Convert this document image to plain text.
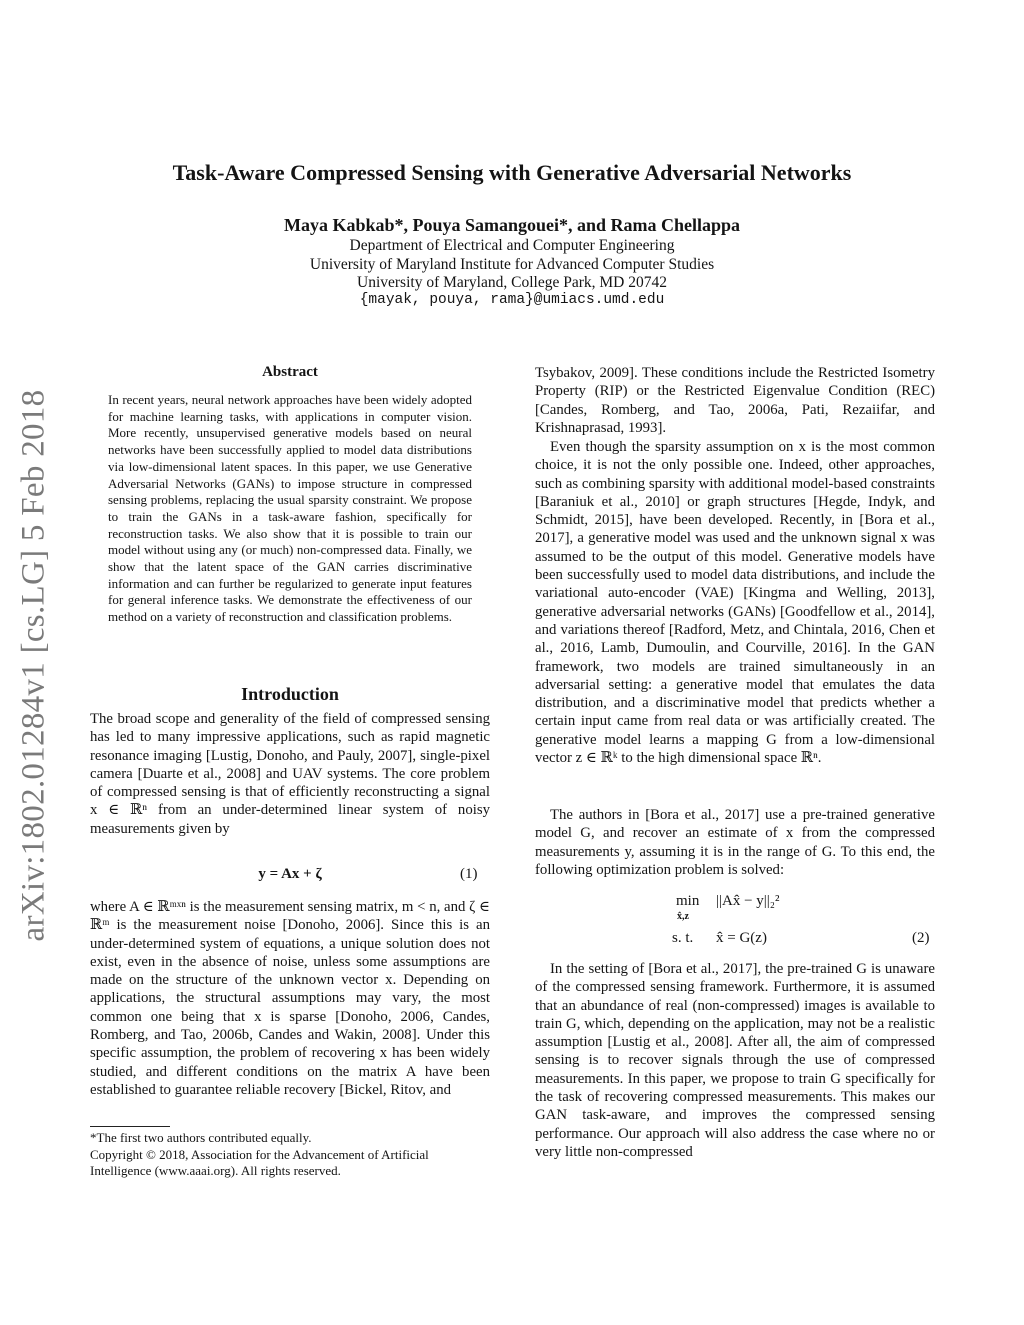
arXiv:1802.01284v1 [cs.LG] 5 Feb 2018
Task-Aware Compressed Sensing with Generative Adversarial Networks
Maya Kabkab*, Pouya Samangouei*, and Rama Chellappa
Department of Electrical and Computer Engineering
University of Maryland Institute for Advanced Computer Studies
University of Maryland, College Park, MD 20742
{mayak, pouya, rama}@umiacs.umd.edu
Abstract

In recent years, neural network approaches have been widely adopted for machine learning tasks, with applications in computer vision. More recently, unsupervised generative models based on neural networks have been successfully applied to model data distributions via low-dimensional latent spaces. In this paper, we use Generative Adversarial Networks (GANs) to impose structure in compressed sensing problems, replacing the usual sparsity constraint. We propose to train the GANs in a task-aware fashion, specifically for reconstruction tasks. We also show that it is possible to train our model without using any (or much) non-compressed data. Finally, we show that the latent space of the GAN carries discriminative information and can further be regularized to generate input features for general inference tasks. We demonstrate the effectiveness of our method on a variety of reconstruction and classification problems.

Introduction

The broad scope and generality of the field of compressed sensing has led to many impressive applications, such as rapid magnetic resonance imaging [Lustig, Donoho, and Pauly, 2007], single-pixel camera [Duarte et al., 2008] and UAV systems. The core problem of compressed sensing is that of efficiently reconstructing a signal x ∈ ℝⁿ from an under-determined linear system of noisy measurements given by

y = Ax + ζ	(1)

where A ∈ ℝᵐˣⁿ is the measurement sensing matrix, m < n, and ζ ∈ ℝᵐ is the measurement noise [Donoho, 2006]. Since this is an under-determined system of equations, a unique solution does not exist, even in the absence of noise, unless some assumptions are made on the structure of the unknown vector x. Depending on applications, the structural assumptions may vary, the most common one being that x is sparse [Donoho, 2006, Candes, Romberg, and Tao, 2006b, Candes and Wakin, 2008]. Under this specific assumption, the problem of recovering x has been widely studied, and different conditions on the matrix A have been established to guarantee reliable recovery [Bickel, Ritov, and

*The first two authors contributed equally.
Copyright © 2018, Association for the Advancement of Artificial Intelligence (www.aaai.org). All rights reserved.

Tsybakov, 2009]. These conditions include the Restricted Isometry Property (RIP) or the Restricted Eigenvalue Condition (REC) [Candes, Romberg, and Tao, 2006a, Pati, Rezaiifar, and Krishnaprasad, 1993].

Even though the sparsity assumption on x is the most common choice, it is not the only possible one. Indeed, other approaches, such as combining sparsity with additional model-based constraints [Baraniuk et al., 2010] or graph structures [Hegde, Indyk, and Schmidt, 2015], have been developed. Recently, in [Bora et al., 2017], a generative model was used and the unknown signal x was assumed to be the output of this model. Generative models have been successfully used to model data distributions, and include the variational auto-encoder (VAE) [Kingma and Welling, 2013], generative adversarial networks (GANs) [Goodfellow et al., 2014], and variations thereof [Radford, Metz, and Chintala, 2016, Chen et al., 2016, Lamb, Dumoulin, and Courville, 2016]. In the GAN framework, two models are trained simultaneously in an adversarial setting: a generative model that emulates the data distribution, and a discriminative model that predicts whether a certain input came from real data or was artificially created. The generative model learns a mapping G from a low-dimensional vector z ∈ ℝᵏ to the high dimensional space ℝⁿ.

The authors in [Bora et al., 2017] use a pre-trained generative model G, and recover an estimate of x from the compressed measurements y, assuming it is in the range of G. To this end, the following optimization problem is solved:

min
x̂,z
||Ax̂ − y||₂²
s. t. x̂ = G(z)	(2)

In the setting of [Bora et al., 2017], the pre-trained G is unaware of the compressed sensing framework. Furthermore, it is assumed that an abundance of real (non-compressed) images is available to train G, which, depending on the application, may not be a realistic assumption [Lustig et al., 2008]. After all, the aim of compressed sensing is to recover signals through the use of compressed measurements. In this paper, we propose to train G specifically for the task of recovering compressed measurements. This makes our GAN task-aware, and improves the compressed sensing performance. Our approach will also address the case where no or very little non-compressed
